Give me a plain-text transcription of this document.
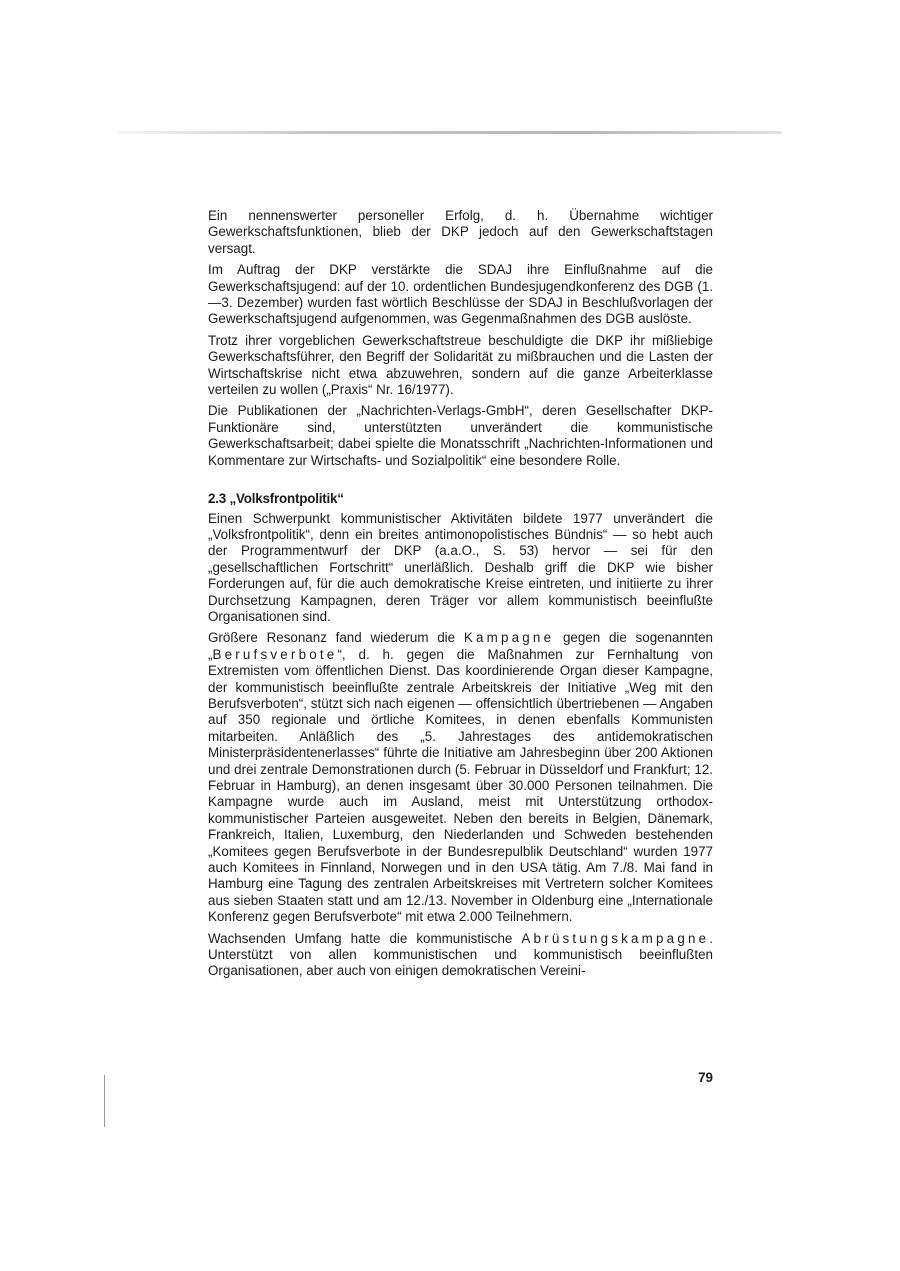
Ein nennenswerter personeller Erfolg, d. h. Übernahme wichtiger Gewerkschaftsfunktionen, blieb der DKP jedoch auf den Gewerkschaftstagen versagt.

Im Auftrag der DKP verstärkte die SDAJ ihre Einflußnahme auf die Gewerkschaftsjugend: auf der 10. ordentlichen Bundesjugendkonferenz des DGB (1.—3. Dezember) wurden fast wörtlich Beschlüsse der SDAJ in Beschlußvorlagen der Gewerkschaftsjugend aufgenommen, was Gegenmaßnahmen des DGB auslöste.

Trotz ihrer vorgeblichen Gewerkschaftstreue beschuldigte die DKP ihr mißliebige Gewerkschaftsführer, den Begriff der Solidarität zu mißbrauchen und die Lasten der Wirtschaftskrise nicht etwa abzuwehren, sondern auf die ganze Arbeiterklasse verteilen zu wollen („Praxis“ Nr. 16/1977).

Die Publikationen der „Nachrichten-Verlags-GmbH“, deren Gesellschafter DKP-Funktionäre sind, unterstützten unverändert die kommunistische Gewerkschaftsarbeit; dabei spielte die Monatsschrift „Nachrichten-Informationen und Kommentare zur Wirtschafts- und Sozialpolitik“ eine besondere Rolle.

2.3 „Volksfrontpolitik“

Einen Schwerpunkt kommunistischer Aktivitäten bildete 1977 unverändert die „Volksfrontpolitik“, denn ein breites antimonopolistisches Bündnis“ — so hebt auch der Programmentwurf der DKP (a.a.O., S. 53) hervor — sei für den „gesellschaftlichen Fortschritt“ unerläßlich. Deshalb griff die DKP wie bisher Forderungen auf, für die auch demokratische Kreise eintreten, und initiierte zu ihrer Durchsetzung Kampagnen, deren Träger vor allem kommunistisch beeinflußte Organisationen sind.

Größere Resonanz fand wiederum die Kampagne gegen die sogenannten „Berufsverbote“, d. h. gegen die Maßnahmen zur Fernhaltung von Extremisten vom öffentlichen Dienst. Das koordinierende Organ dieser Kampagne, der kommunistisch beeinflußte zentrale Arbeitskreis der Initiative „Weg mit den Berufsverboten“, stützt sich nach eigenen — offensichtlich übertriebenen — Angaben auf 350 regionale und örtliche Komitees, in denen ebenfalls Kommunisten mitarbeiten. Anläßlich des „5. Jahrestages des antidemokratischen Ministerpräsidentenerlasses“ führte die Initiative am Jahresbeginn über 200 Aktionen und drei zentrale Demonstrationen durch (5. Februar in Düsseldorf und Frankfurt; 12. Februar in Hamburg), an denen insgesamt über 30.000 Personen teilnahmen. Die Kampagne wurde auch im Ausland, meist mit Unterstützung orthodox-kommunistischer Parteien ausgeweitet. Neben den bereits in Belgien, Dänemark, Frankreich, Italien, Luxemburg, den Niederlanden und Schweden bestehenden „Komitees gegen Berufsverbote in der Bundesrepulblik Deutschland“ wurden 1977 auch Komitees in Finnland, Norwegen und in den USA tätig. Am 7./8. Mai fand in Hamburg eine Tagung des zentralen Arbeitskreises mit Vertretern solcher Komitees aus sieben Staaten statt und am 12./13. November in Oldenburg eine „Internationale Konferenz gegen Berufsverbote“ mit etwa 2.000 Teilnehmern.

Wachsenden Umfang hatte die kommunistische Abrüstungskampagne. Unterstützt von allen kommunistischen und kommunistisch beeinflußten Organisationen, aber auch von einigen demokratischen Vereini-

79
